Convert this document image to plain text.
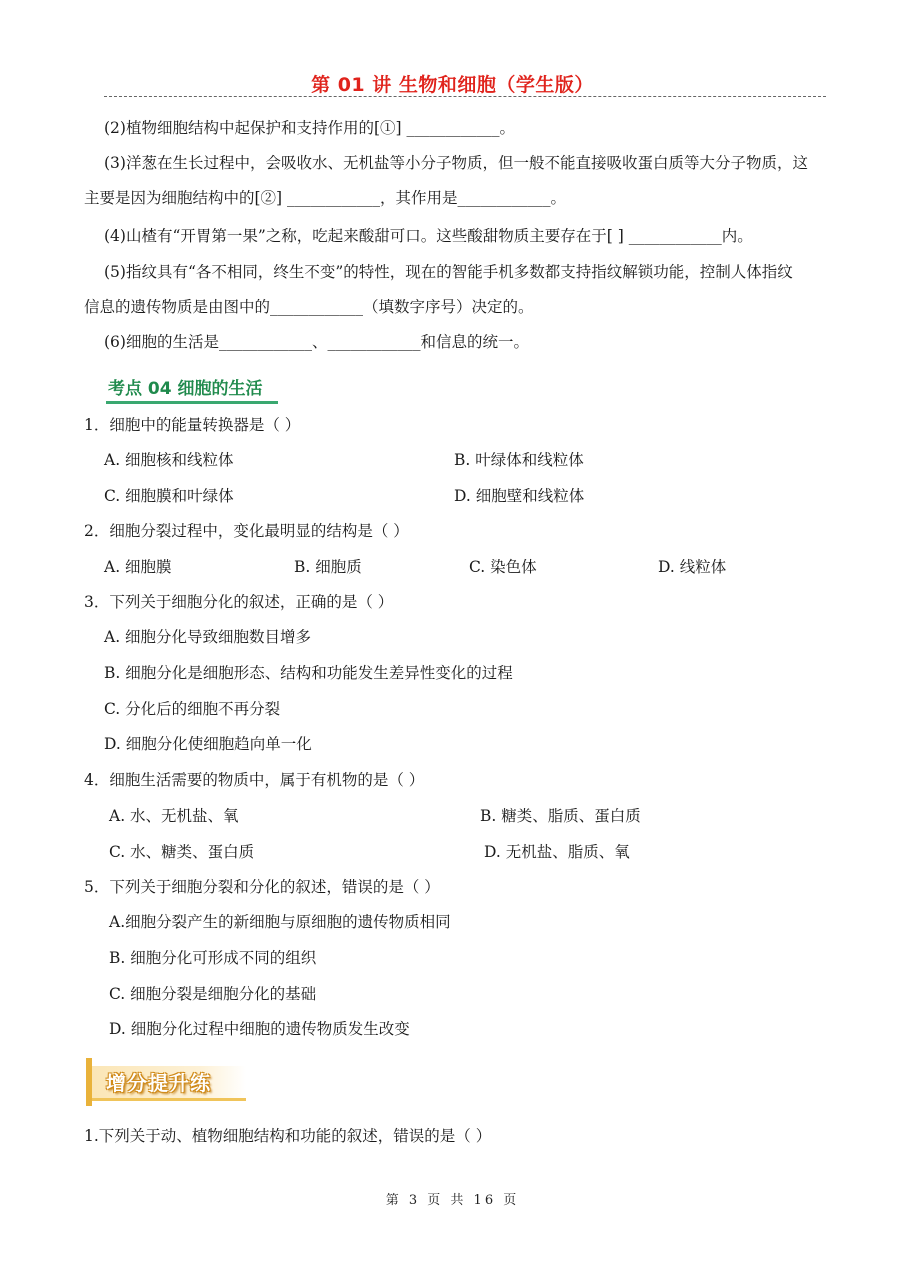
第 01 讲 生物和细胞（学生版）
(2)植物细胞结构中起保护和支持作用的[①] ____________。
(3)洋葱在生长过程中，会吸收水、无机盐等小分子物质，但一般不能直接吸收蛋白质等大分子物质，这
主要是因为细胞结构中的[②] ____________，其作用是____________。
(4)山楂有“开胃第一果”之称，吃起来酸甜可口。这些酸甜物质主要存在于[ ] ____________内。
(5)指纹具有“各不相同，终生不变”的特性，现在的智能手机多数都支持指纹解锁功能，控制人体指纹
信息的遗传物质是由图中的____________（填数字序号）决定的。
(6)细胞的生活是____________、____________和信息的统一。
考点 04 细胞的生活
1．细胞中的能量转换器是（ ）
A. 细胞核和线粒体	B. 叶绿体和线粒体
C. 细胞膜和叶绿体	D. 细胞壁和线粒体
2．细胞分裂过程中，变化最明显的结构是（ ）
A. 细胞膜	B. 细胞质	C. 染色体	D. 线粒体
3．下列关于细胞分化的叙述，正确的是（ ）
A. 细胞分化导致细胞数目增多
B. 细胞分化是细胞形态、结构和功能发生差异性变化的过程
C. 分化后的细胞不再分裂
D. 细胞分化使细胞趋向单一化
4．细胞生活需要的物质中，属于有机物的是（ ）
A. 水、无机盐、氧	B. 糖类、脂质、蛋白质
C. 水、糖类、蛋白质	D. 无机盐、脂质、氧
5．下列关于细胞分裂和分化的叙述，错误的是（ ）
A.细胞分裂产生的新细胞与原细胞的遗传物质相同
B. 细胞分化可形成不同的组织
C. 细胞分裂是细胞分化的基础
D. 细胞分化过程中细胞的遗传物质发生改变
增分提升练
1.下列关于动、植物细胞结构和功能的叙述，错误的是（ ）
第 3 页 共 16 页
